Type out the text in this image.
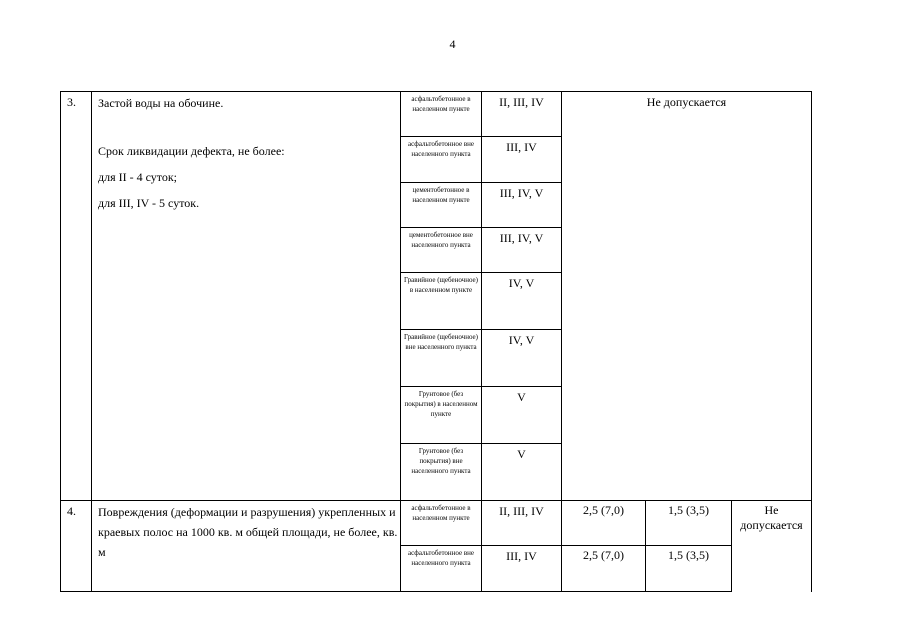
4
3.	Застой воды на обочине.

Срок ликвидации дефекта, не более:

для II - 4 суток;

для III, IV - 5 суток.	асфальтобетонное в населенном пункте	II, III, IV	Не допускается		
		асфальтобетонное вне населенного пункта	III, IV			
		цементобетонное в населенном пункте	III, IV, V			
		цементобетонное вне населенного пункта	III, IV, V			
		Гравийное (щебеночное) в населенном пункте	IV, V			
		Гравийное (щебеночное) вне населенного пункта	IV, V			
		Грунтовое (без покрытия) в населенном пункте	V			
		Грунтовое (без покрытия) вне населенного пункта	V			
4.	Повреждения (деформации и разрушения) укрепленных и краевых полос на 1000 кв. м общей площади, не более, кв. м	асфальтобетонное в населенном пункте	II, III, IV	2,5 (7,0)	1,5 (3,5)	Не допускается
		асфальтобетонное вне населенного пункта	III, IV	2,5 (7,0)	1,5 (3,5)	
